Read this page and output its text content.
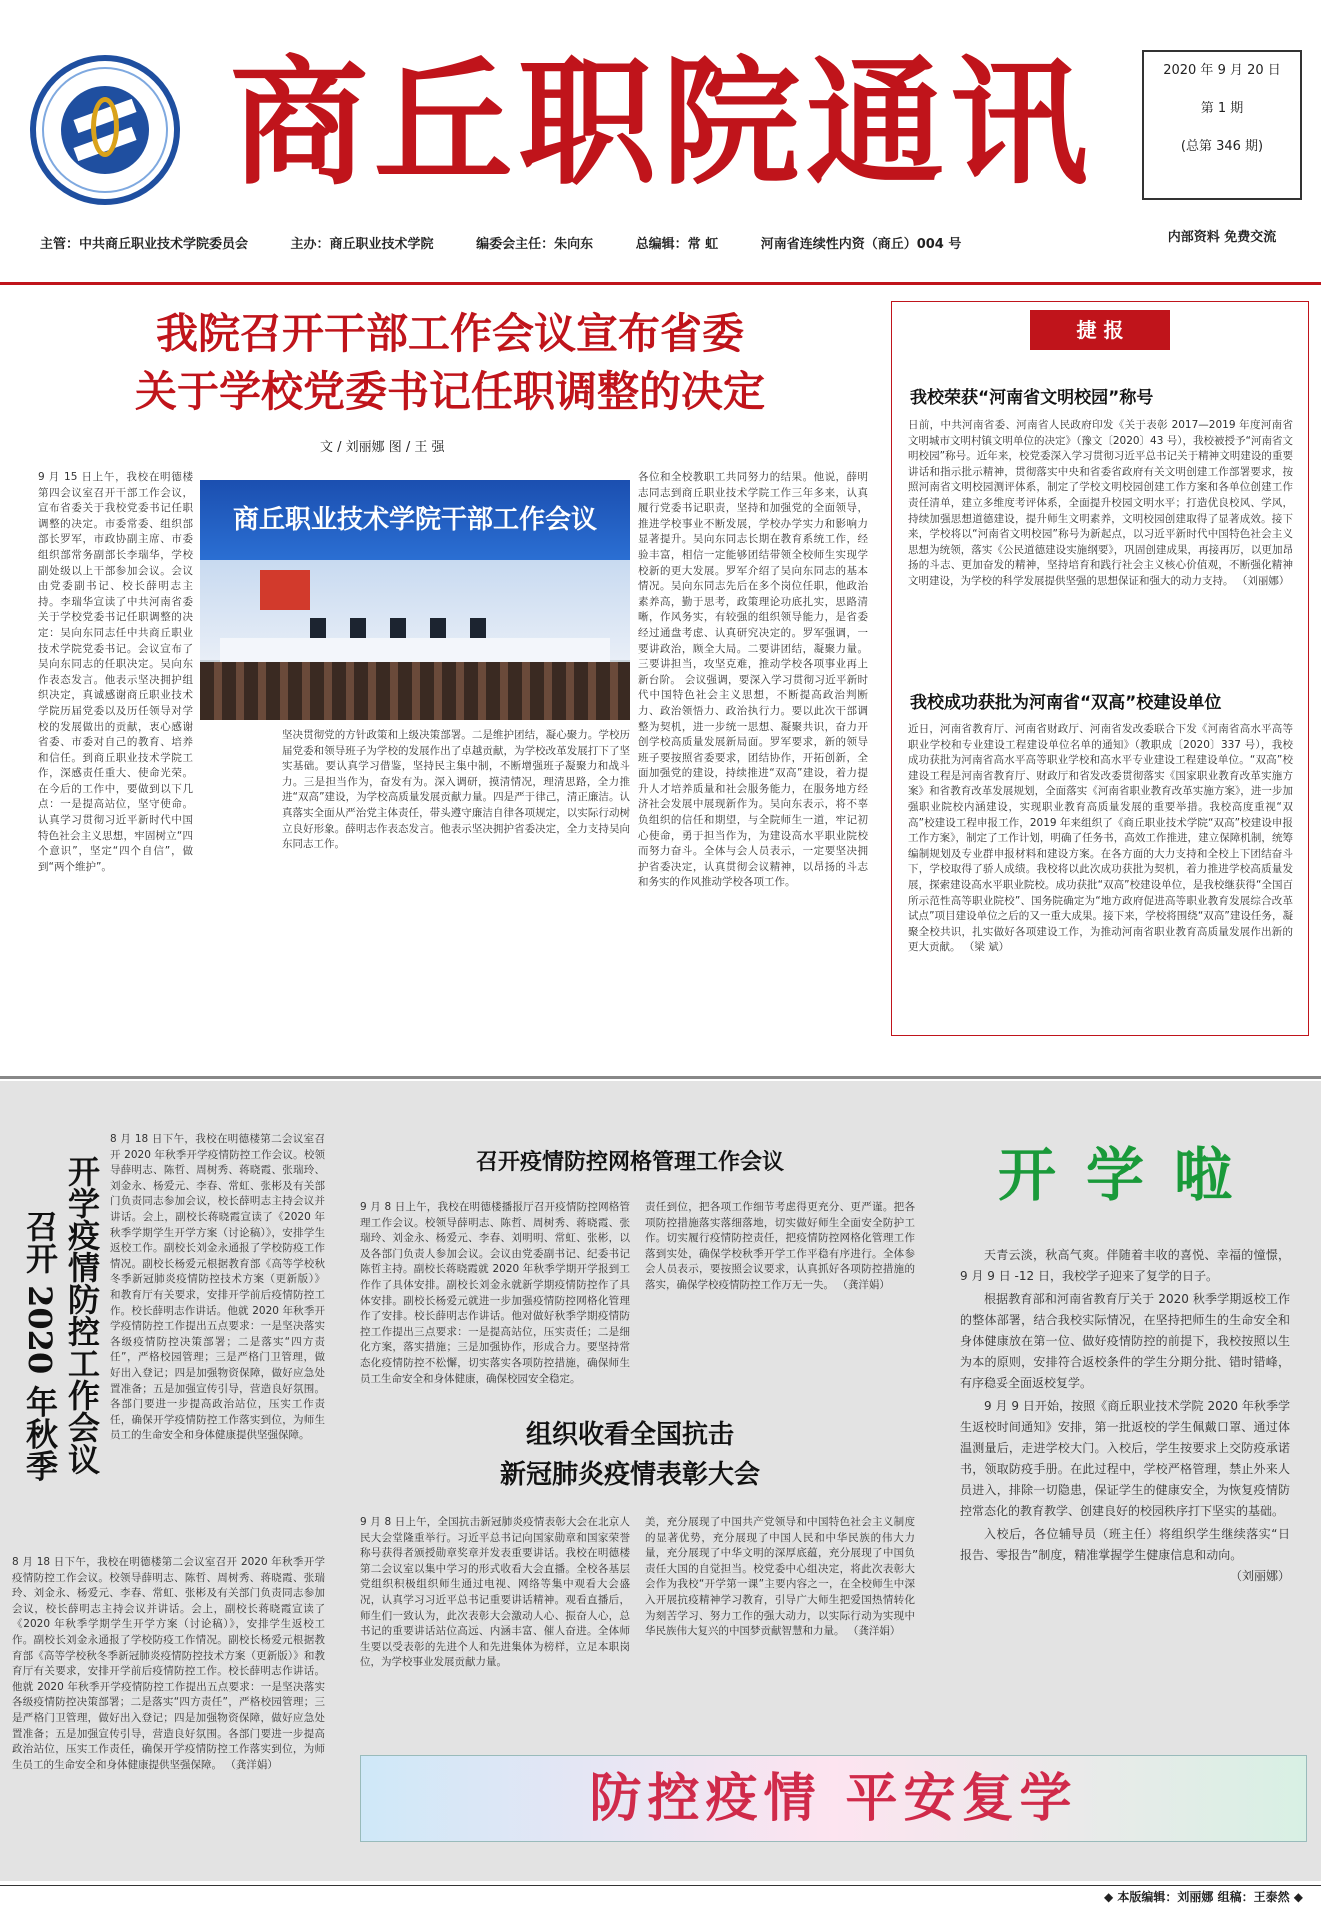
商丘职院通讯	2020 年 9 月 20 日
第 1 期
(总第 346 期)
内部资料 免费交流
主管：中共商丘职业技术学院委员会	主办：商丘职业技术学院	编委会主任：朱向东	总编辑：常 虹	河南省连续性内资（商丘）004 号
我院召开干部工作会议宣布省委
关于学校党委书记任职调整的决定
文 / 刘丽娜 图 / 王 强
9 月 15 日上午，我校在明德楼第四会议室召开干部工作会议，宣布省委关于我校党委书记任职调整的决定。市委常委、组织部部长罗军，市政协副主席、市委组织部常务副部长李瑞华，学校副处级以上干部参加会议。会议由党委副书记、校长薛明志主持。李瑞华宣读了中共河南省委关于学校党委书记任职调整的决定：吴向东同志任中共商丘职业技术学院党委书记。会议宣布了吴向东同志的任职决定。吴向东作表态发言。他表示坚决拥护组织决定，真诚感谢商丘职业技术学院历届党委以及历任领导对学校的发展做出的贡献，衷心感谢省委、市委对自己的教育、培养和信任。到商丘职业技术学院工作，深感责任重大、使命光荣。在今后的工作中，要做到以下几点：一是提高站位，坚守使命。认真学习贯彻习近平新时代中国特色社会主义思想，牢固树立“四个意识”，坚定“四个自信”，做到“两个维护”。
商丘职业技术学院干部工作会议
坚决贯彻党的方针政策和上级决策部署。二是维护团结，凝心聚力。学校历届党委和领导班子为学校的发展作出了卓越贡献，为学校改革发展打下了坚实基础。要认真学习借鉴，坚持民主集中制，不断增强班子凝聚力和战斗力。三是担当作为，奋发有为。深入调研，摸清情况，理清思路，全力推进“双高”建设，为学校高质量发展贡献力量。四是严于律己，清正廉洁。认真落实全面从严治党主体责任，带头遵守廉洁自律各项规定，以实际行动树立良好形象。薛明志作表态发言。他表示坚决拥护省委决定，全力支持吴向东同志工作。
各位和全校教职工共同努力的结果。他说，薛明志同志到商丘职业技术学院工作三年多来，认真履行党委书记职责，坚持和加强党的全面领导，推进学校事业不断发展，学校办学实力和影响力显著提升。吴向东同志长期在教育系统工作，经验丰富，相信一定能够团结带领全校师生实现学校新的更大发展。罗军介绍了吴向东同志的基本情况。吴向东同志先后在多个岗位任职，他政治素养高，勤于思考，政策理论功底扎实，思路清晰，作风务实，有较强的组织领导能力，是省委经过通盘考虑、认真研究决定的。罗军强调，一要讲政治，顾全大局。二要讲团结，凝聚力量。三要讲担当，攻坚克难，推动学校各项事业再上新台阶。 会议强调，要深入学习贯彻习近平新时代中国特色社会主义思想，不断提高政治判断力、政治领悟力、政治执行力。要以此次干部调整为契机，进一步统一思想、凝聚共识，奋力开创学校高质量发展新局面。罗军要求，新的领导班子要按照省委要求，团结协作，开拓创新，全面加强党的建设，持续推进“双高”建设，着力提升人才培养质量和社会服务能力，在服务地方经济社会发展中展现新作为。吴向东表示，将不辜负组织的信任和期望，与全院师生一道，牢记初心使命，勇于担当作为，为建设高水平职业院校而努力奋斗。全体与会人员表示，一定要坚决拥护省委决定，认真贯彻会议精神，以昂扬的斗志和务实的作风推动学校各项工作。
捷 报
我校荣获“河南省文明校园”称号
日前，中共河南省委、河南省人民政府印发《关于表彰 2017—2019 年度河南省文明城市文明村镇文明单位的决定》（豫文〔2020〕43 号），我校被授予“河南省文明校园”称号。近年来，校党委深入学习贯彻习近平总书记关于精神文明建设的重要讲话和指示批示精神，贯彻落实中央和省委省政府有关文明创建工作部署要求，按照河南省文明校园测评体系，制定了学校文明校园创建工作方案和各单位创建工作责任清单，建立多维度考评体系，全面提升校园文明水平；打造优良校风、学风，持续加强思想道德建设，提升师生文明素养，文明校园创建取得了显著成效。接下来，学校将以“河南省文明校园”称号为新起点，以习近平新时代中国特色社会主义思想为统领，落实《公民道德建设实施纲要》，巩固创建成果，再接再厉，以更加昂扬的斗志、更加奋发的精神，坚持培育和践行社会主义核心价值观，不断强化精神文明建设，为学校的科学发展提供坚强的思想保证和强大的动力支持。 （刘丽娜）
我校成功获批为河南省“双高”校建设单位
近日，河南省教育厅、河南省财政厅、河南省发改委联合下发《河南省高水平高等职业学校和专业建设工程建设单位名单的通知》（教职成〔2020〕337 号），我校成功获批为河南省高水平高等职业学校和高水平专业建设工程建设单位。“双高”校建设工程是河南省教育厅、财政厅和省发改委贯彻落实《国家职业教育改革实施方案》和省教育改革发展规划，全面落实《河南省职业教育改革实施方案》，进一步加强职业院校内涵建设，实现职业教育高质量发展的重要举措。我校高度重视“双高”校建设工程申报工作，2019 年来组织了《商丘职业技术学院“双高”校建设申报工作方案》，制定了工作计划，明确了任务书，高效工作推进，建立保障机制，统筹编制规划及专业群申报材料和建设方案。在各方面的大力支持和全校上下团结奋斗下，学校取得了骄人成绩。我校将以此次成功获批为契机，着力推进学校高质量发展，探索建设高水平职业院校。成功获批“双高”校建设单位，是我校继获得“全国百所示范性高等职业院校”、国务院确定为“地方政府促进高等职业教育发展综合改革试点”项目建设单位之后的又一重大成果。接下来，学校将围绕“双高”建设任务，凝聚全校共识，扎实做好各项建设工作，为推动河南省职业教育高质量发展作出新的更大贡献。 （梁 斌）
开学疫情防控工作会议
召开 2020 年秋季
8 月 18 日下午，我校在明德楼第二会议室召开 2020 年秋季开学疫情防控工作会议。校领导薛明志、陈哲、周树秀、蒋晓霞、张瑞玲、刘金永、杨爱元、李春、常虹、张彬及有关部门负责同志参加会议，校长薛明志主持会议并讲话。会上，副校长蒋晓霞宣读了《2020 年秋季学期学生开学方案（讨论稿）》，安排学生返校工作。副校长刘金永通报了学校防疫工作情况。副校长杨爱元根据教育部《高等学校秋冬季新冠肺炎疫情防控技术方案（更新版）》和教育厅有关要求，安排开学前后疫情防控工作。校长薛明志作讲话。他就 2020 年秋季开学疫情防控工作提出五点要求：一是坚决落实各级疫情防控决策部署；二是落实“四方责任”，严格校园管理；三是严格门卫管理，做好出入登记；四是加强物资保障，做好应急处置准备；五是加强宣传引导，营造良好氛围。各部门要进一步提高政治站位，压实工作责任，确保开学疫情防控工作落实到位，为师生员工的生命安全和身体健康提供坚强保障。
8 月 18 日下午，我校在明德楼第二会议室召开 2020 年秋季开学疫情防控工作会议。校领导薛明志、陈哲、周树秀、蒋晓霞、张瑞玲、刘金永、杨爱元、李春、常虹、张彬及有关部门负责同志参加会议，校长薛明志主持会议并讲话。会上，副校长蒋晓霞宣读了《2020 年秋季学期学生开学方案（讨论稿）》，安排学生返校工作。副校长刘金永通报了学校防疫工作情况。副校长杨爱元根据教育部《高等学校秋冬季新冠肺炎疫情防控技术方案（更新版）》和教育厅有关要求，安排开学前后疫情防控工作。校长薛明志作讲话。他就 2020 年秋季开学疫情防控工作提出五点要求：一是坚决落实各级疫情防控决策部署；二是落实“四方责任”，严格校园管理；三是严格门卫管理，做好出入登记；四是加强物资保障，做好应急处置准备；五是加强宣传引导，营造良好氛围。各部门要进一步提高政治站位，压实工作责任，确保开学疫情防控工作落实到位，为师生员工的生命安全和身体健康提供坚强保障。 （龚洋娟）
召开疫情防控网格管理工作会议
9 月 8 日上午，我校在明德楼播报厅召开疫情防控网格管理工作会议。校领导薛明志、陈哲、周树秀、蒋晓霞、张瑞玲、刘金永、杨爱元、李春、刘明明、常虹、张彬，以及各部门负责人参加会议。会议由党委副书记、纪委书记陈哲主持。副校长蒋晓霞就 2020 年秋季学期开学报到工作作了具体安排。副校长刘金永就新学期疫情防控作了具体安排。副校长杨爱元就进一步加强疫情防控网格化管理作了安排。校长薛明志作讲话。他对做好秋季学期疫情防控工作提出三点要求：一是提高站位，压实责任；二是细化方案，落实措施；三是加强协作，形成合力。要坚持常态化疫情防控不松懈，切实落实各项防控措施，确保师生员工生命安全和身体健康，确保校园安全稳定。
责任到位，把各项工作细节考虑得更充分、更严谨。把各项防控措施落实落细落地，切实做好师生全面安全防护工作。切实履行疫情防控责任，把疫情防控网格化管理工作落到实处，确保学校秋季开学工作平稳有序进行。全体参会人员表示，要按照会议要求，认真抓好各项防控措施的落实，确保学校疫情防控工作万无一失。 （龚洋娟）
组织收看全国抗击
新冠肺炎疫情表彰大会
9 月 8 日上午，全国抗击新冠肺炎疫情表彰大会在北京人民大会堂隆重举行。习近平总书记向国家勋章和国家荣誉称号获得者颁授勋章奖章并发表重要讲话。我校在明德楼第二会议室以集中学习的形式收看大会直播。全校各基层党组织积极组织师生通过电视、网络等集中观看大会盛况，认真学习习近平总书记重要讲话精神。观看直播后，师生们一致认为，此次表彰大会激动人心、振奋人心，总书记的重要讲话站位高远、内涵丰富、催人奋进。全体师生要以受表彰的先进个人和先进集体为榜样，立足本职岗位，为学校事业发展贡献力量。
美，充分展现了中国共产党领导和中国特色社会主义制度的显著优势，充分展现了中国人民和中华民族的伟大力量，充分展现了中华文明的深厚底蕴，充分展现了中国负责任大国的自觉担当。校党委中心组决定，将此次表彰大会作为我校“开学第一课”主要内容之一，在全校师生中深入开展抗疫精神学习教育，引导广大师生把爱国热情转化为刻苦学习、努力工作的强大动力，以实际行动为实现中华民族伟大复兴的中国梦贡献智慧和力量。 （龚洋娟）
开学啦

天青云淡，秋高气爽。伴随着丰收的喜悦、幸福的憧憬，9 月 9 日 -12 日，我校学子迎来了复学的日子。

根据教育部和河南省教育厅关于 2020 秋季学期返校工作的整体部署，结合我校实际情况，在坚持把师生的生命安全和身体健康放在第一位、做好疫情防控的前提下，我校按照以生为本的原则，安排符合返校条件的学生分期分批、错时错峰，有序稳妥全面返校复学。

9 月 9 日开始，按照《商丘职业技术学院 2020 年秋季学生返校时间通知》安排，第一批返校的学生佩戴口罩、通过体温测量后，走进学校大门。入校后，学生按要求上交防疫承诺书，领取防疫手册。在此过程中，学校严格管理，禁止外来人员进入，排除一切隐患，保证学生的健康安全，为恢复疫情防控常态化的教育教学、创建良好的校园秩序打下坚实的基础。

入校后，各位辅导员（班主任）将组织学生继续落实“日报告、零报告”制度，精准掌握学生健康信息和动向。

（刘丽娜）

防控疫情 平安复学
◆ 本版编辑：刘丽娜 组稿：王泰然 ◆
